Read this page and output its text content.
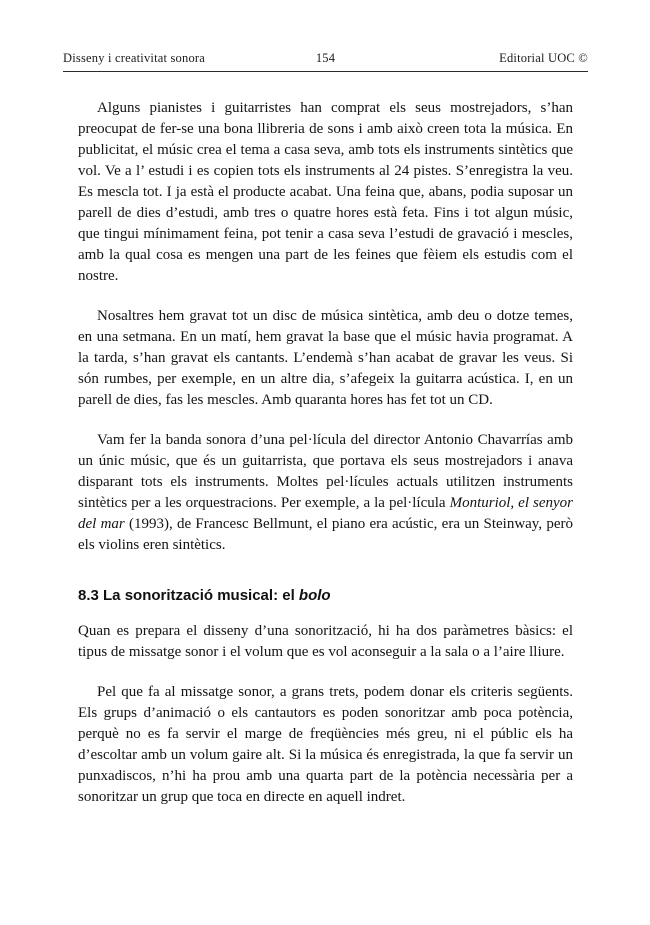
Disseny i creativitat sonora	154	Editorial UOC ©

Alguns pianistes i guitarristes han comprat els seus mostrejadors, s’han preocupat de fer-se una bona llibreria de sons i amb això creen tota la música. En publicitat, el músic crea el tema a casa seva, amb tots els instruments sintètics que vol. Ve a l’ estudi i es copien tots els instruments al 24 pistes. S’enregistra la veu. Es mescla tot. I ja està el producte acabat. Una feina que, abans, podia suposar un parell de dies d’estudi, amb tres o quatre hores està feta. Fins i tot algun músic, que tingui mínimament feina, pot tenir a casa seva l’estudi de gravació i mescles, amb la qual cosa es mengen una part de les feines que fèiem els estudis com el nostre.

Nosaltres hem gravat tot un disc de música sintètica, amb deu o dotze temes, en una setmana. En un matí, hem gravat la base que el músic havia programat. A la tarda, s’han gravat els cantants. L’endemà s’han acabat de gravar les veus. Si són rumbes, per exemple, en un altre dia, s’afegeix la guitarra acústica. I, en un parell de dies, fas les mescles. Amb quaranta hores has fet tot un CD.

Vam fer la banda sonora d’una pel·lícula del director Antonio Chavarrías amb un únic músic, que és un guitarrista, que portava els seus mostrejadors i anava disparant tots els instruments. Moltes pel·lícules actuals utilitzen instruments sintètics per a les orquestracions. Per exemple, a la pel·lícula Monturiol, el senyor del mar (1993), de Francesc Bellmunt, el piano era acústic, era un Steinway, però els violins eren sintètics.

8.3 La sonorització musical: el bolo

Quan es prepara el disseny d’una sonorització, hi ha dos paràmetres bàsics: el tipus de missatge sonor i el volum que es vol aconseguir a la sala o a l’aire lliure.

Pel que fa al missatge sonor, a grans trets, podem donar els criteris següents. Els grups d’animació o els cantautors es poden sonoritzar amb poca potència, perquè no es fa servir el marge de freqüències més greu, ni el públic els ha d’escoltar amb un volum gaire alt. Si la música és enregistrada, la que fa servir un punxadiscos, n’hi ha prou amb una quarta part de la potència necessària per a sonoritzar un grup que toca en directe en aquell indret.
